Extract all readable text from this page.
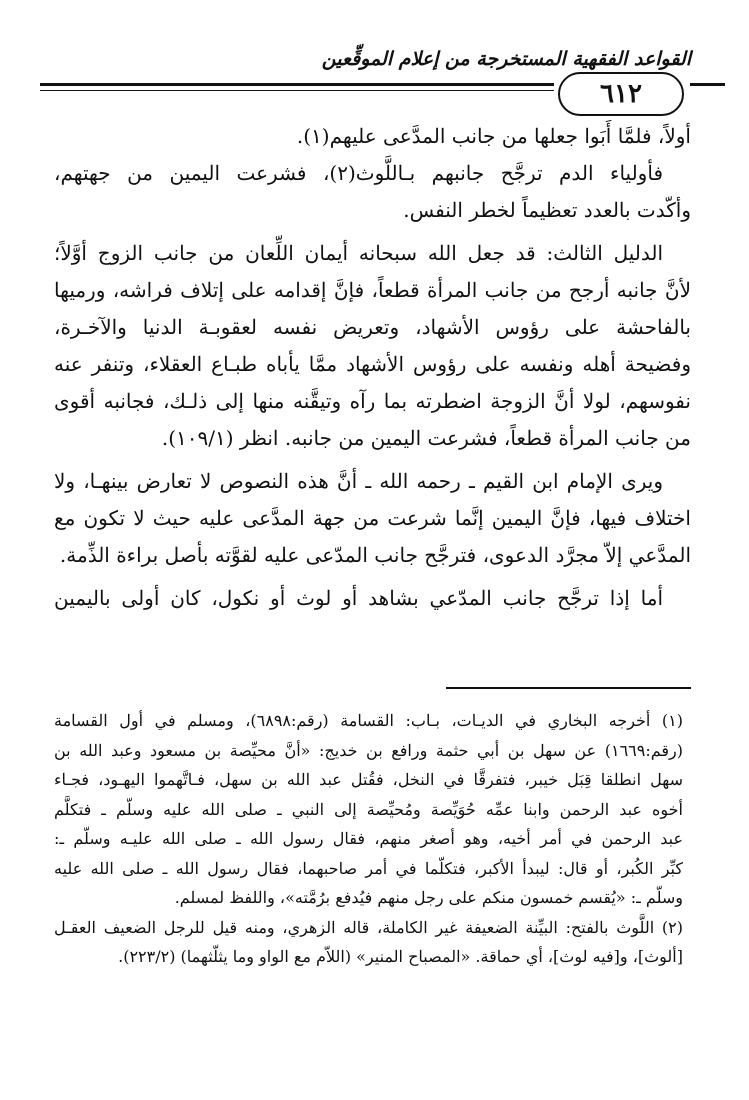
القواعد الفقهية المستخرجة من إعلام الموقِّعين
٦١٢
أولاً، فلمَّا أَبَوا جعلها من جانب المدَّعى عليهم(١).
فأولياء الدم ترجَّح جانبهم بـاللَّوث(٢)، فشرعت اليمين من جهتهم،
وأكّدت بالعدد تعظيماً لخطر النفس.
الدليل الثالث: قد جعل الله سبحانه أيمان اللِّعان من جانب الزوج أوَّلاً؛
لأنَّ جانبه أرجح من جانب المرأة قطعاً، فإنَّ إقدامه على إتلاف فراشه، ورميها
بالفاحشة على رؤوس الأشهاد، وتعريض نفسه لعقوبـة الدنيا والآخـرة،
وفضيحة أهله ونفسه على رؤوس الأشهاد ممَّا يأباه طبـاع العقلاء، وتنفر عنه
نفوسهم، لولا أنَّ الزوجة اضطرته بما رآه وتيقَّنه منها إلى ذلـك، فجانبه أقوى
من جانب المرأة قطعاً، فشرعت اليمين من جانبه. انظر (١٠٩/١).
ويرى الإمام ابن القيم ـ رحمه الله ـ أنَّ هذه النصوص لا تعارض بينهـا، ولا
اختلاف فيها، فإنَّ اليمين إنَّما شرعت من جهة المدَّعى عليه حيث لا تكون مع
المدَّعي إلاّ مجرَّد الدعوى، فترجَّح جانب المدّعى عليه لقوَّته بأصل براءة الذِّمة.
أما إذا ترجَّح جانب المدّعي بشاهد أو لوث أو نكول، كان أولى باليمين
(١) أخرجه البخاري في الديـات، بـاب: القسامة (رقم:٦٨٩٨)، ومسلم في أول القسامة
(رقم:١٦٦٩) عن سهل بن أبي حثمة ورافع بن خديج: «أنَّ محيِّصة بن مسعود وعبد الله بن
سهل انطلقا قِبَل خيبر، فتفرقَّا في النخل، فقُتل عبد الله بن سهل، فـاتَّهموا اليهـود، فجـاء
أخوه عبد الرحمن وابنا عمِّه حُوَيِّصة ومُحيِّصة إلى النبي ـ صلى الله عليه وسلّم ـ فتكلَّم
عبد الرحمن في أمر أخيه، وهو أصغر منهم، فقال رسول الله ـ صلى الله عليـه وسلّم ـ:
كبِّر الكُبر، أو قال: ليبدأ الأكبر، فتكلّما في أمر صاحبهما، فقال رسول الله ـ صلى الله عليه
وسلّم ـ: «يُقسم خمسون منكم على رجل منهم فيُدفع برُمَّته»، واللفظ لمسلم.
(٢) اللَّوث بالفتح: البيِّنة الضعيفة غير الكاملة، قاله الزهري، ومنه قيل للرجل الضعيف العقـل
[ألوث]، و[فيه لوث]، أي حماقة. «المصباح المنير» (اللاّم مع الواو وما يثلّثهما) (٢٢٣/٢).
